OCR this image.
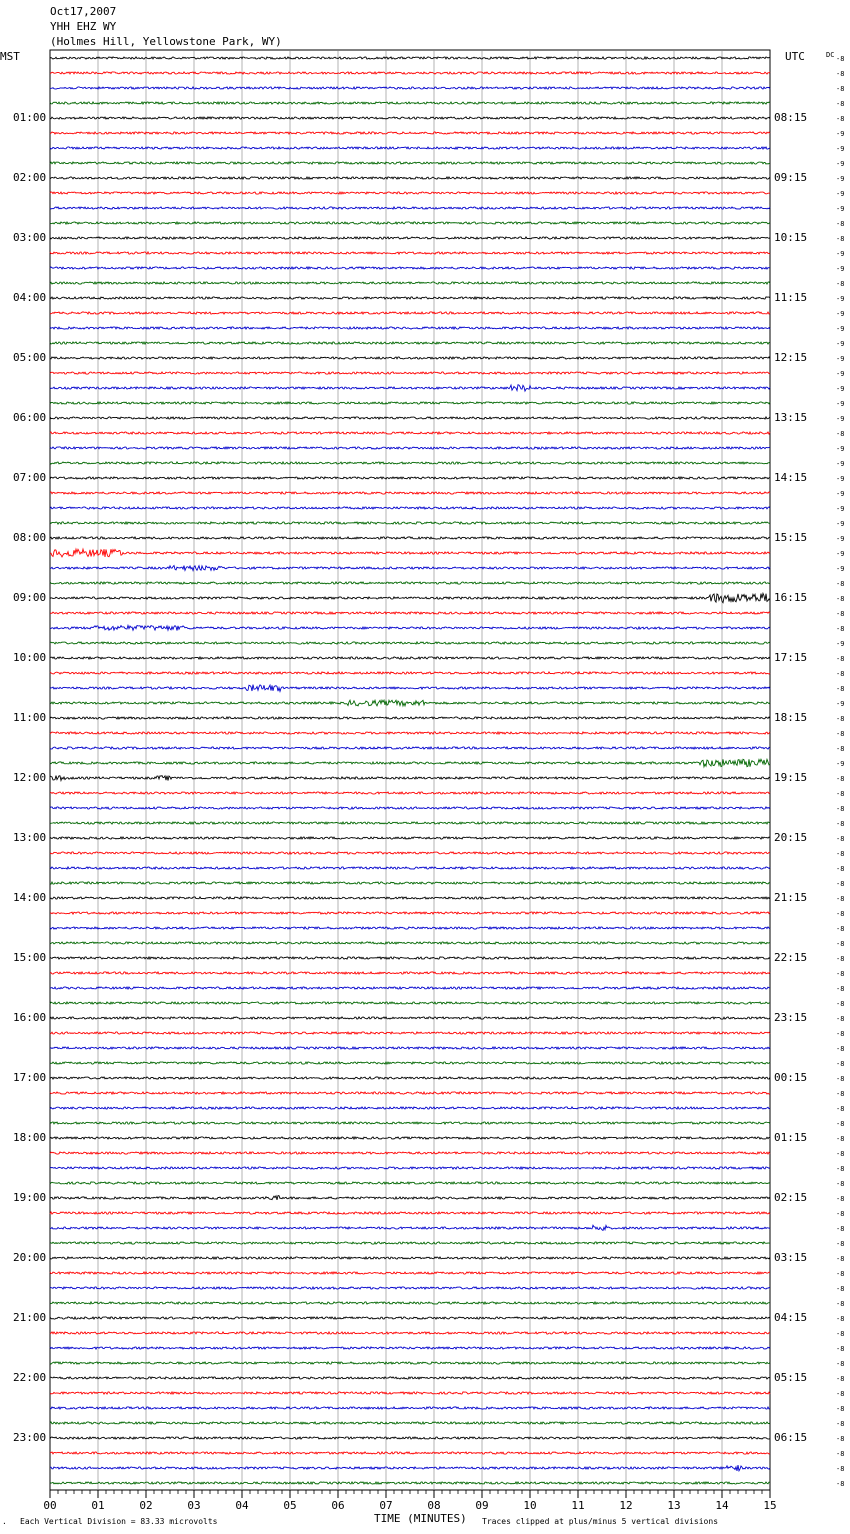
-8
-8
-8
-8
-8
-9
-9
-9
-9
-9
-9
-8
-8
-9
-9
-8
-9
-9
-9
-9
-9
-9
-9
-9
-9
-8
-9
-9
-9
-9
-9
-9
-9
-9
-9
-8
-8
-8
-8
-9
-8
-8
-8
-9
-8
-8
-8
-9
-8
-8
-8
-8
-8
-8
-8
-8
-8
-8
-8
-8
-8
-8
-8
-8
-8
-8
-8
-8
-8
-8
-8
-8
-8
-8
-8
-8
-8
-8
-8
-8
-8
-8
-8
-8
-8
-8
-8
-8
-8
-8
-8
-8
-8
-8
-8
-8
00	01	02	03	04	05	06	07	08	09	10	11	12	13	14	15
Oct17,2007
YHH EHZ WY
(Holmes Hill, Yellowstone Park, WY)
MST	UTC	DC
TIME (MINUTES)
Each Vertical Division = 83.33 microvolts	Traces clipped at plus/minus 5 vertical divisions
.
01:00	08:15
02:00	09:15
03:00	10:15
04:00	11:15
05:00	12:15
06:00	13:15
07:00	14:15
08:00	15:15
09:00	16:15
10:00	17:15
11:00	18:15
12:00	19:15
13:00	20:15
14:00	21:15
15:00	22:15
16:00	23:15
17:00	00:15
18:00	01:15
19:00	02:15
20:00	03:15
21:00	04:15
22:00	05:15
23:00	06:15
